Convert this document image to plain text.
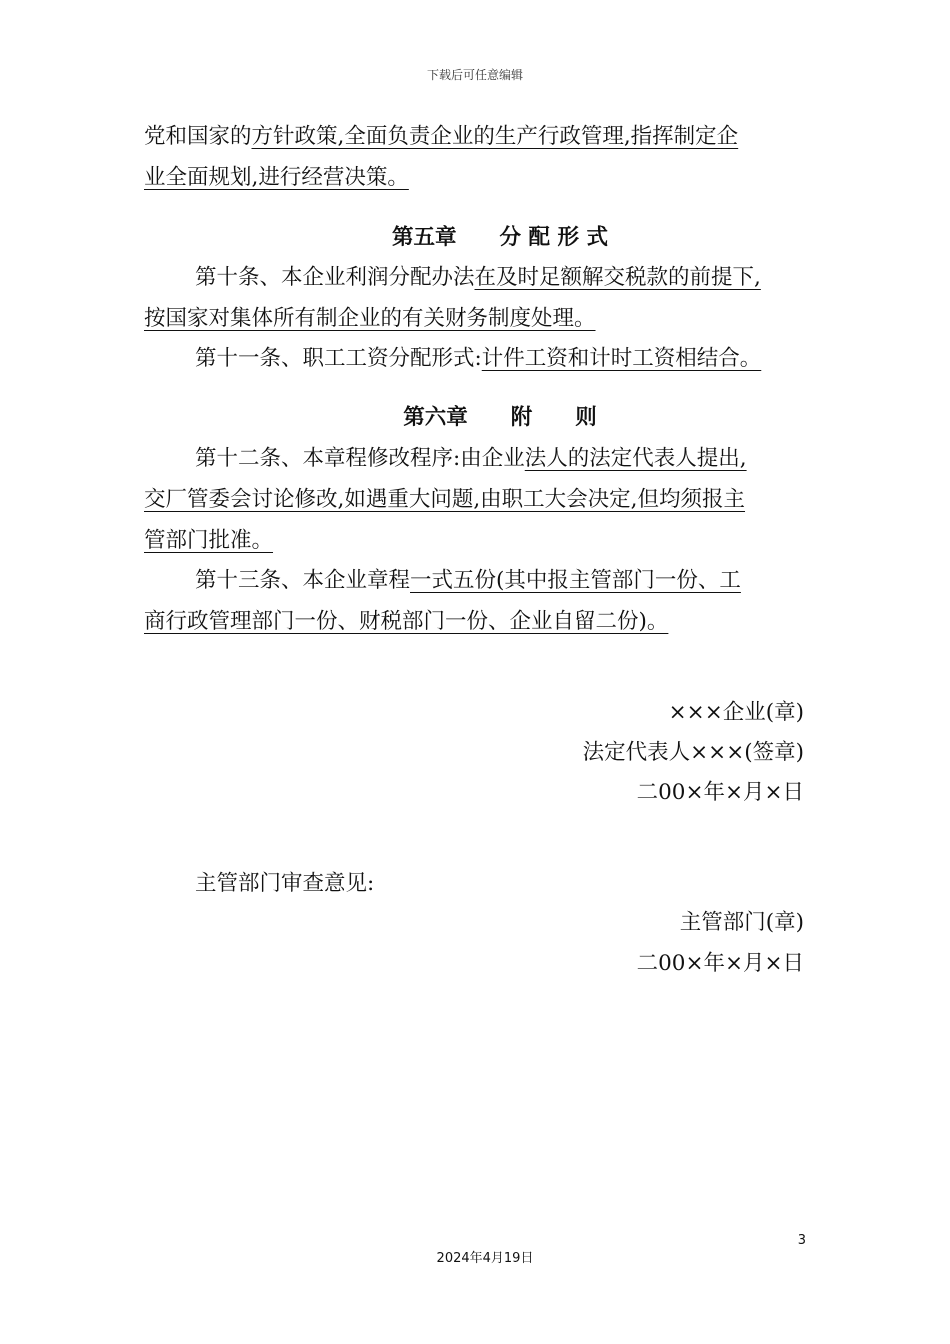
下载后可任意编辑
党和国家的方针政策,全面负责企业的生产行政管理,指挥制定企
业全面规划,进行经营决策。
第五章　　分 配 形 式
第十条、本企业利润分配办法在及时足额解交税款的前提下,
按国家对集体所有制企业的有关财务制度处理。
第十一条、职工工资分配形式:计件工资和计时工资相结合。
第六章　　附　　则
第十二条、本章程修改程序:由企业法人的法定代表人提出,
交厂管委会讨论修改,如遇重大问题,由职工大会决定,但均须报主
管部门批准。
第十三条、本企业章程一式五份(其中报主管部门一份、工
商行政管理部门一份、财税部门一份、企业自留二份)。
×××企业(章)
法定代表人×××(签章)
二00×年×月×日
主管部门审查意见:
主管部门(章)
二00×年×月×日
3
2024年4月19日
